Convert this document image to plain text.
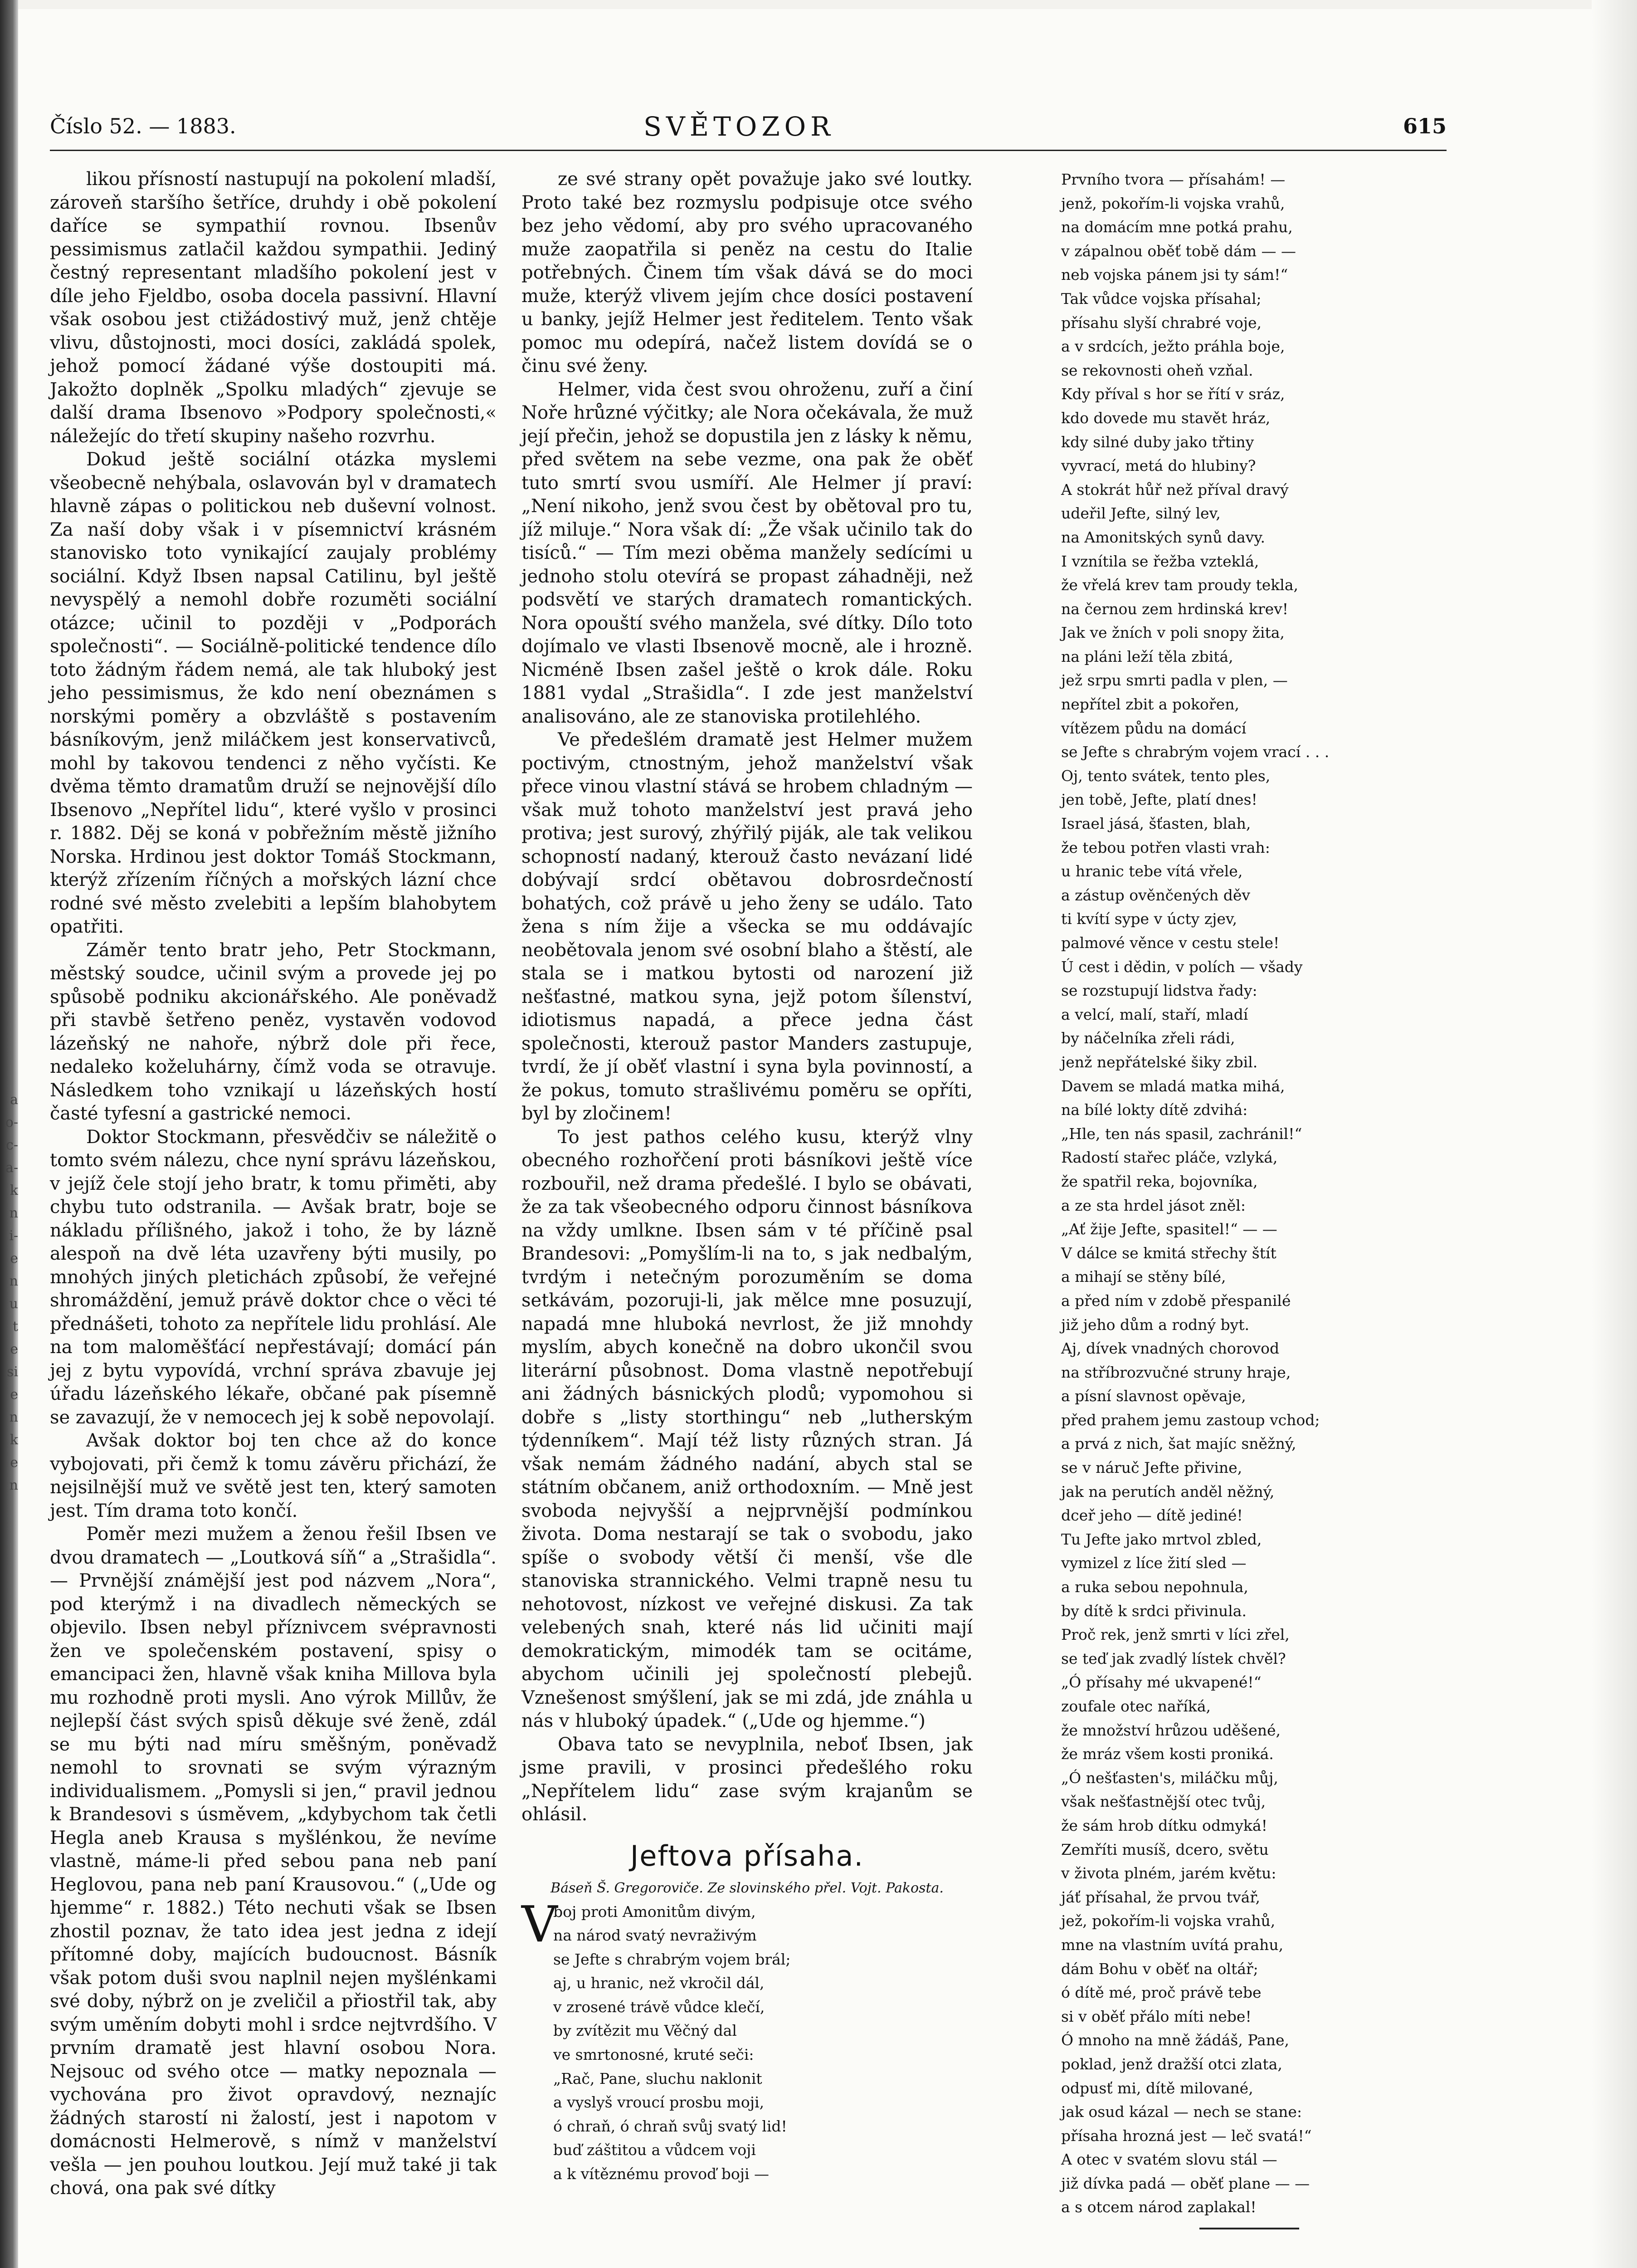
a
o-
c-
a-
k
n
i-
e
n
u
t
e
si
e
n
k
e
n
Číslo 52. — 1883.	SVĚTOZOR	615

likou přísností nastupují na pokolení mladší, zároveň staršího šetříce, druhdy i obě pokolení daříce se sympathií rovnou. Ibsenův pessimismus zatlačil každou sympathii. Jediný čestný representant mladšího pokolení jest v díle jeho Fjeldbo, osoba docela passivní. Hlavní však osobou jest ctižádostivý muž, jenž chtěje vlivu, důstojnosti, moci dosíci, zakládá spolek, jehož pomocí žádané výše dostoupiti má. Jakožto doplněk „Spolku mladých“ zjevuje se další drama Ibsenovo »Podpory společnosti,« náležejíc do třetí skupiny našeho rozvrhu.

Dokud ještě sociální otázka myslemi všeobecně nehýbala, oslavován byl v dramatech hlavně zápas o politickou neb duševní volnost. Za naší doby však i v písemnictví krásném stanovisko toto vynikající zaujaly problémy sociální. Když Ibsen napsal Catilinu, byl ještě nevyspělý a nemohl dobře rozuměti sociální otázce; učinil to později v „Podporách společnosti“. — Sociálně-politické tendence dílo toto žádným řádem nemá, ale tak hluboký jest jeho pessimismus, že kdo není obeznámen s norskými poměry a obzvláště s postavením básníkovým, jenž miláčkem jest konservativců, mohl by takovou tendenci z něho vyčísti. Ke dvěma těmto dramatům druží se nejnovější dílo Ibsenovo „Nepřítel lidu“, které vyšlo v prosinci r. 1882. Děj se koná v pobřežním městě jižního Norska. Hrdinou jest doktor Tomáš Stockmann, kterýž zřízením říčných a mořských lázní chce rodné své město zvelebiti a lepším blahobytem opatřiti.

Záměr tento bratr jeho, Petr Stockmann, městský soudce, učinil svým a provede jej po spůsobě podniku akcionářského. Ale poněvadž při stavbě šetřeno peněz, vystavěn vodovod lázeňský ne nahoře, nýbrž dole při řece, nedaleko koželuhárny, čímž voda se otravuje. Následkem toho vznikají u lázeňských hostí časté tyfesní a gastrické nemoci.

Doktor Stockmann, přesvědčiv se náležitě o tomto svém nálezu, chce nyní správu lázeňskou, v jejíž čele stojí jeho bratr, k tomu přiměti, aby chybu tuto odstranila. — Avšak bratr, boje se nákladu přílišného, jakož i toho, že by lázně alespoň na dvě léta uzavřeny býti musily, po mnohých jiných pletichách způsobí, že veřejné shromáždění, jemuž právě doktor chce o věci té přednášeti, tohoto za nepřítele lidu prohlásí. Ale na tom maloměšťácí nepřestávají; domácí pán jej z bytu vypovídá, vrchní správa zbavuje jej úřadu lázeňského lékaře, občané pak písemně se zavazují, že v nemocech jej k sobě nepovolají.

Avšak doktor boj ten chce až do konce vybojovati, při čemž k tomu závěru přichází, že nejsilnější muž ve světě jest ten, který samoten jest. Tím drama toto končí.

Poměr mezi mužem a ženou řešil Ibsen ve dvou dramatech — „Loutková síň“ a „Strašidla“. — Prvnější známější jest pod názvem „Nora“, pod kterýmž i na divadlech německých se objevilo. Ibsen nebyl příznivcem svépravnosti žen ve společenském postavení, spisy o emancipaci žen, hlavně však kniha Millova byla mu rozhodně proti mysli. Ano výrok Millův, že nejlepší část svých spisů děkuje své ženě, zdál se mu býti nad míru směšným, poněvadž nemohl to srovnati se svým výrazným individualismem. „Pomysli si jen,“ pravil jednou k Brandesovi s úsměvem, „kdybychom tak četli Hegla aneb Krausa s myšlénkou, že nevíme vlastně, máme-li před sebou pana neb paní Heglovou, pana neb paní Krausovou.“ („Ude og hjemme“ r. 1882.) Této nechuti však se Ibsen zhostil poznav, že tato idea jest jedna z idejí přítomné doby, majících budoucnost. Básník však potom duši svou naplnil nejen myšlénkami své doby, nýbrž on je zveličil a přiostřil tak, aby svým uměním dobyti mohl i srdce nejtvrdšího. V prvním dramatě jest hlavní osobou Nora. Nejsouc od svého otce — matky nepoznala — vychována pro život opravdový, neznajíc žádných starostí ni žalostí, jest i napotom v domácnosti Helmerově, s nímž v manželství vešla — jen pouhou loutkou. Její muž také ji tak chová, ona pak své dítky

ze své strany opět považuje jako své loutky. Proto také bez rozmyslu podpisuje otce svého bez jeho vědomí, aby pro svého upracovaného muže zaopatřila si peněz na cestu do Italie potřebných. Činem tím však dává se do moci muže, kterýž vlivem jejím chce dosíci postavení u banky, jejíž Helmer jest ředitelem. Tento však pomoc mu odepírá, načež listem dovídá se o činu své ženy.

Helmer, vida čest svou ohroženu, zuří a činí Noře hrůzné výčitky; ale Nora očekávala, že muž její přečin, jehož se dopustila jen z lásky k němu, před světem na sebe vezme, ona pak že oběť tuto smrtí svou usmíří. Ale Helmer jí praví: „Není nikoho, jenž svou čest by obětoval pro tu, jíž miluje.“ Nora však dí: „Že však učinilo tak do tisíců.“ — Tím mezi oběma manžely sedícími u jednoho stolu otevírá se propast záhadněji, než podsvětí ve starých dramatech romantických. Nora opouští svého manžela, své dítky. Dílo toto dojímalo ve vlasti Ibsenově mocně, ale i hrozně. Nicméně Ibsen zašel ještě o krok dále. Roku 1881 vydal „Strašidla“. I zde jest manželství analisováno, ale ze stanoviska protilehlého.

Ve předešlém dramatě jest Helmer mužem poctivým, ctnostným, jehož manželství však přece vinou vlastní stává se hrobem chladným — však muž tohoto manželství jest pravá jeho protiva; jest surový, zhýřilý piják, ale tak velikou schopností nadaný, kterouž často nevázaní lidé dobývají srdcí obětavou dobrosrdečností bohatých, což právě u jeho ženy se událo. Tato žena s ním žije a všecka se mu oddávajíc neobětovala jenom své osobní blaho a štěstí, ale stala se i matkou bytosti od narození již nešťastné, matkou syna, jejž potom šílenství, idiotismus napadá, a přece jedna část společnosti, kterouž pastor Manders zastupuje, tvrdí, že jí oběť vlastní i syna byla povinností, a že pokus, tomuto strašlivému poměru se opříti, byl by zločinem!

To jest pathos celého kusu, kterýž vlny obecného rozhořčení proti básníkovi ještě více rozbouřil, než drama předešlé. I bylo se obávati, že za tak všeobecného odporu činnost básníkova na vždy umlkne. Ibsen sám v té příčině psal Brandesovi: „Pomyšlím-li na to, s jak nedbalým, tvrdým i netečným porozuměním se doma setkávám, pozoruji-li, jak mělce mne posuzují, napadá mne hluboká nevrlost, že již mnohdy myslím, abych konečně na dobro ukončil svou literární působnost. Doma vlastně nepotřebují ani žádných básnických plodů; vypomohou si dobře s „listy storthingu“ neb „lutherským týdenníkem“. Mají též listy různých stran. Já však nemám žádného nadání, abych stal se státním občanem, aniž orthodoxním. — Mně jest svoboda nejvyšší a nejprvnější podmínkou života. Doma nestarají se tak o svobodu, jako spíše o svobody větší či menší, vše dle stanoviska strannického. Velmi trapně nesu tu nehotovost, nízkost ve veřejné diskusi. Za tak velebených snah, které nás lid učiniti mají demokratickým, mimodék tam se ocitáme, abychom učinili jej společností plebejů. Vznešenost smýšlení, jak se mi zdá, jde znáhla u nás v hluboký úpadek.“ („Ude og hjemme.“)

Obava tato se nevyplnila, neboť Ibsen, jak jsme pravili, v prosinci předešlého roku „Nepřítelem lidu“ zase svým krajanům se ohlásil.

Jeftova přísaha.
Báseň Š. Gregoroviče. Ze slovinského přel. Vojt. Pakosta.
V
boj proti Amonitům divým,
na národ svatý nevraživým
se Jefte s chrabrým vojem brál;
aj, u hranic, než vkročil dál,
v zrosené trávě vůdce klečí,
by zvítězit mu Věčný dal
ve smrtonosné, kruté seči:
„Rač, Pane, sluchu naklonit
a vyslyš vroucí prosbu moji,
ó chraň, ó chraň svůj svatý lid!
buď záštitou a vůdcem voji
a k vítěznému provoď boji —
Prvního tvora — přísahám! —
jenž, pokořím-li vojska vrahů,
na domácím mne potká prahu,
v zápalnou oběť tobě dám — —
neb vojska pánem jsi ty sám!“
Tak vůdce vojska přísahal;
přísahu slyší chrabré voje,
a v srdcích, ježto práhla boje,
se rekovnosti oheň vzňal.
Kdy příval s hor se řítí v sráz,
kdo dovede mu stavět hráz,
kdy silné duby jako třtiny
vyvrací, metá do hlubiny?
A stokrát hůř než příval dravý
udeřil Jefte, silný lev,
na Amonitských synů davy.
I vznítila se řežba vzteklá,
že vřelá krev tam proudy tekla,
na černou zem hrdinská krev!
Jak ve žních v poli snopy žita,
na pláni leží těla zbitá,
jež srpu smrti padla v plen, —
nepřítel zbit a pokořen,
vítězem půdu na domácí
se Jefte s chrabrým vojem vrací . . .
Oj, tento svátek, tento ples,
jen tobě, Jefte, platí dnes!
Israel jásá, šťasten, blah,
že tebou potřen vlasti vrah:
u hranic tebe vítá vřele,
a zástup ověnčených děv
ti kvítí sype v úcty zjev,
palmové věnce v cestu stele!
Ú cest i dědin, v polích — všady
se rozstupují lidstva řady:
a velcí, malí, staří, mladí
by náčelníka zřeli rádi,
jenž nepřátelské šiky zbil.
Davem se mladá matka mihá,
na bílé lokty dítě zdvihá:
„Hle, ten nás spasil, zachránil!“
Radostí stařec pláče, vzlyká,
že spatřil reka, bojovníka,
a ze sta hrdel jásot zněl:
„Ať žije Jefte, spasitel!“ — —
V dálce se kmitá střechy štít
a mihají se stěny bílé,
a před ním v zdobě přespanilé
již jeho dům a rodný byt.
Aj, dívek vnadných chorovod
na stříbrozvučné struny hraje,
a písní slavnost opěvaje,
před prahem jemu zastoup vchod;
a prvá z nich, šat majíc sněžný,
se v náruč Jefte přivine,
jak na perutích anděl něžný,
dceř jeho — dítě jediné!
Tu Jefte jako mrtvol zbled,
vymizel z líce žití sled —
a ruka sebou nepohnula,
by dítě k srdci přivinula.
Proč rek, jenž smrti v líci zřel,
se teď jak zvadlý lístek chvěl?
„Ó přísahy mé ukvapené!“
zoufale otec naříká,
že množství hrůzou uděšené,
že mráz všem kosti proniká.
„Ó nešťasten's, miláčku můj,
však nešťastnější otec tvůj,
že sám hrob dítku odmyká!
Zemříti musíš, dcero, světu
v života plném, jarém květu:
jáť přísahal, že prvou tvář,
jež, pokořím-li vojska vrahů,
mne na vlastním uvítá prahu,
dám Bohu v oběť na oltář;
ó dítě mé, proč právě tebe
si v oběť přálo míti nebe!
Ó mnoho na mně žádáš, Pane,
poklad, jenž dražší otci zlata,
odpusť mi, dítě milované,
jak osud kázal — nech se stane:
přísaha hrozná jest — leč svatá!“
A otec v svatém slovu stál —
již dívka padá — oběť plane — —
a s otcem národ zaplakal!
